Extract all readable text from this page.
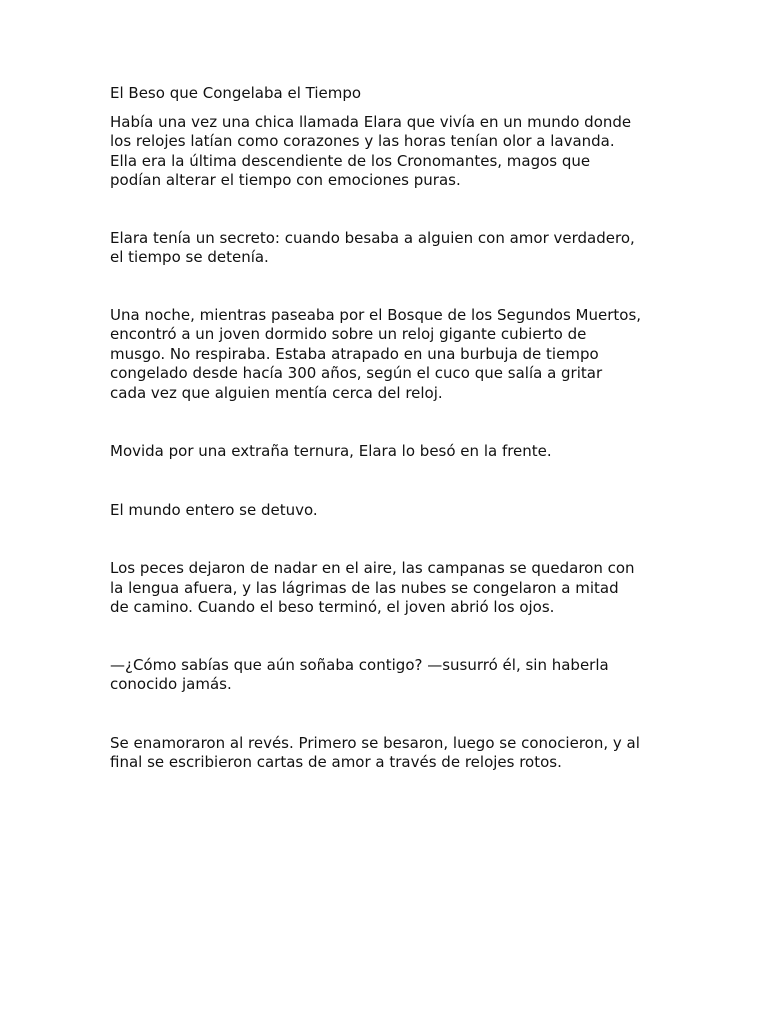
El Beso que Congelaba el Tiempo

Había una vez una chica llamada Elara que vivía en un mundo donde
los relojes latían como corazones y las horas tenían olor a lavanda.
Ella era la última descendiente de los Cronomantes, magos que
podían alterar el tiempo con emociones puras.

Elara tenía un secreto: cuando besaba a alguien con amor verdadero,
el tiempo se detenía.

Una noche, mientras paseaba por el Bosque de los Segundos Muertos,
encontró a un joven dormido sobre un reloj gigante cubierto de
musgo. No respiraba. Estaba atrapado en una burbuja de tiempo
congelado desde hacía 300 años, según el cuco que salía a gritar
cada vez que alguien mentía cerca del reloj.

Movida por una extraña ternura, Elara lo besó en la frente.

El mundo entero se detuvo.

Los peces dejaron de nadar en el aire, las campanas se quedaron con
la lengua afuera, y las lágrimas de las nubes se congelaron a mitad
de camino. Cuando el beso terminó, el joven abrió los ojos.

—¿Cómo sabías que aún soñaba contigo? —susurró él, sin haberla
conocido jamás.

Se enamoraron al revés. Primero se besaron, luego se conocieron, y al
final se escribieron cartas de amor a través de relojes rotos.
